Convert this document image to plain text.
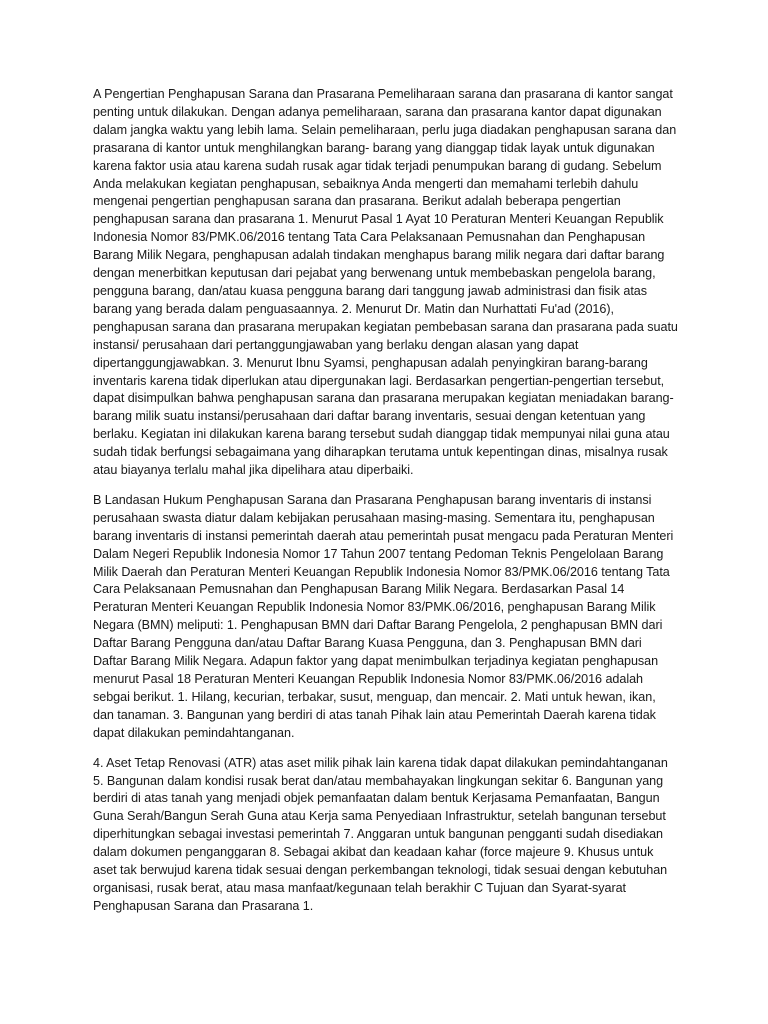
A Pengertian Penghapusan Sarana dan Prasarana Pemeliharaan sarana dan prasarana di kantor sangat penting untuk dilakukan. Dengan adanya pemeliharaan, sarana dan prasarana kantor dapat digunakan dalam jangka waktu yang lebih lama. Selain pemeliharaan, perlu juga diadakan penghapusan sarana dan prasarana di kantor untuk menghilangkan barang- barang yang dianggap tidak layak untuk digunakan karena faktor usia atau karena sudah rusak agar tidak terjadi penumpukan barang di gudang. Sebelum Anda melakukan kegiatan penghapusan, sebaiknya Anda mengerti dan memahami terlebih dahulu mengenai pengertian penghapusan sarana dan prasarana. Berikut adalah beberapa pengertian penghapusan sarana dan prasarana 1. Menurut Pasal 1 Ayat 10 Peraturan Menteri Keuangan Republik Indonesia Nomor 83/PMK.06/2016 tentang Tata Cara Pelaksanaan Pemusnahan dan Penghapusan Barang Milik Negara, penghapusan adalah tindakan menghapus barang milik negara dari daftar barang dengan menerbitkan keputusan dari pejabat yang berwenang untuk membebaskan pengelola barang, pengguna barang, dan/atau kuasa pengguna barang dari tanggung jawab administrasi dan fisik atas barang yang berada dalam penguasaannya. 2. Menurut Dr. Matin dan Nurhattati Fu'ad (2016), penghapusan sarana dan prasarana merupakan kegiatan pembebasan sarana dan prasarana pada suatu instansi/ perusahaan dari pertanggungjawaban yang berlaku dengan alasan yang dapat dipertanggungjawabkan. 3. Menurut Ibnu Syamsi, penghapusan adalah penyingkiran barang-barang inventaris karena tidak diperlukan atau dipergunakan lagi. Berdasarkan pengertian-pengertian tersebut, dapat disimpulkan bahwa penghapusan sarana dan prasarana merupakan kegiatan meniadakan barang-barang milik suatu instansi/perusahaan dari daftar barang inventaris, sesuai dengan ketentuan yang berlaku. Kegiatan ini dilakukan karena barang tersebut sudah dianggap tidak mempunyai nilai guna atau sudah tidak berfungsi sebagaimana yang diharapkan terutama untuk kepentingan dinas, misalnya rusak atau biayanya terlalu mahal jika dipelihara atau diperbaiki.

B Landasan Hukum Penghapusan Sarana dan Prasarana Penghapusan barang inventaris di instansi perusahaan swasta diatur dalam kebijakan perusahaan masing-masing. Sementara itu, penghapusan barang inventaris di instansi pemerintah daerah atau pemerintah pusat mengacu pada Peraturan Menteri Dalam Negeri Republik Indonesia Nomor 17 Tahun 2007 tentang Pedoman Teknis Pengelolaan Barang Milik Daerah dan Peraturan Menteri Keuangan Republik Indonesia Nomor 83/PMK.06/2016 tentang Tata Cara Pelaksanaan Pemusnahan dan Penghapusan Barang Milik Negara. Berdasarkan Pasal 14 Peraturan Menteri Keuangan Republik Indonesia Nomor 83/PMK.06/2016, penghapusan Barang Milik Negara (BMN) meliputi: 1. Penghapusan BMN dari Daftar Barang Pengelola, 2 penghapusan BMN dari Daftar Barang Pengguna dan/atau Daftar Barang Kuasa Pengguna, dan 3. Penghapusan BMN dari Daftar Barang Milik Negara. Adapun faktor yang dapat menimbulkan terjadinya kegiatan penghapusan menurut Pasal 18 Peraturan Menteri Keuangan Republik Indonesia Nomor 83/PMK.06/2016 adalah sebgai berikut. 1. Hilang, kecurian, terbakar, susut, menguap, dan mencair. 2. Mati untuk hewan, ikan, dan tanaman. 3. Bangunan yang berdiri di atas tanah Pihak lain atau Pemerintah Daerah karena tidak dapat dilakukan pemindahtanganan.

4. Aset Tetap Renovasi (ATR) atas aset milik pihak lain karena tidak dapat dilakukan pemindahtanganan 5. Bangunan dalam kondisi rusak berat dan/atau membahayakan lingkungan sekitar 6. Bangunan yang berdiri di atas tanah yang menjadi objek pemanfaatan dalam bentuk Kerjasama Pemanfaatan, Bangun Guna Serah/Bangun Serah Guna atau Kerja sama Penyediaan Infrastruktur, setelah bangunan tersebut diperhitungkan sebagai investasi pemerintah 7. Anggaran untuk bangunan pengganti sudah disediakan dalam dokumen penganggaran 8. Sebagai akibat dan keadaan kahar (force majeure 9. Khusus untuk aset tak berwujud karena tidak sesuai dengan perkembangan teknologi, tidak sesuai dengan kebutuhan organisasi, rusak berat, atau masa manfaat/kegunaan telah berakhir C Tujuan dan Syarat-syarat Penghapusan Sarana dan Prasarana 1.
